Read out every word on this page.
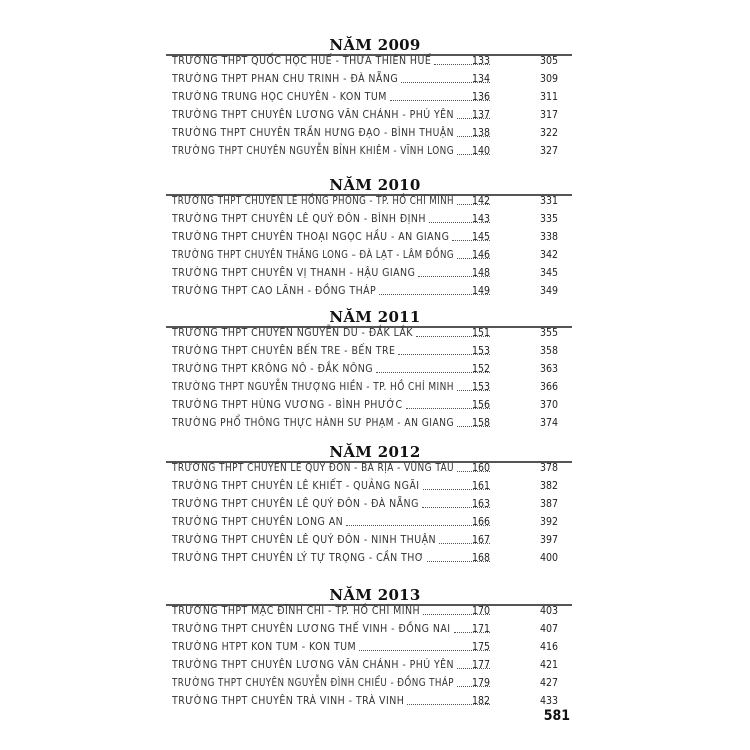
NĂM 2009
TRƯỜNG THPT QUỐC HỌC HUẾ - THỪA THIÊN HUẾ	133	305
TRƯỜNG THPT PHAN CHU TRINH - ĐÀ NẴNG	134	309
TRƯỜNG TRUNG HỌC CHUYÊN - KON TUM	136	311
TRƯỜNG THPT CHUYÊN LƯƠNG VĂN CHÁNH - PHÚ YÊN	137	317
TRƯỜNG THPT CHUYÊN TRẦN HƯNG ĐẠO - BÌNH THUẬN	138	322
TRƯỜNG THPT CHUYÊN NGUYỄN BỈNH KHIÊM - VĨNH LONG	140	327
NĂM 2010
TRƯỜNG THPT CHUYÊN LÊ HỒNG PHONG - TP. HỒ CHÍ MINH	142	331
TRƯỜNG THPT CHUYÊN LÊ QUÝ ĐÔN - BÌNH ĐỊNH	143	335
TRƯỜNG THPT CHUYÊN THOẠI NGỌC HẦU - AN GIANG	145	338
TRƯỜNG THPT CHUYÊN THĂNG LONG – ĐÀ LẠT - LÂM ĐỒNG	146	342
TRƯỜNG THPT CHUYÊN VỊ THANH - HẬU GIANG	148	345
TRƯỜNG THPT CAO LÃNH - ĐỒNG THÁP	149	349
NĂM 2011
TRƯỜNG THPT CHUYÊN NGUYỄN DU - ĐẮK LẮK	151	355
TRƯỜNG THPT CHUYÊN BẾN TRE - BẾN TRE	153	358
TRƯỜNG THPT KRÔNG NÔ - ĐẮK NÔNG	152	363
TRƯỜNG THPT NGUYỄN THƯỢNG HIỀN - TP. HỒ CHÍ MINH	153	366
TRƯỜNG THPT HÙNG VƯƠNG - BÌNH PHƯỚC	156	370
TRƯỜNG PHỔ THÔNG THỰC HÀNH SƯ PHẠM - AN GIANG	158	374
NĂM 2012
TRƯỜNG THPT CHUYÊN LÊ QUÝ ĐÔN - BÀ RỊA - VŨNG TÀU	160	378
TRƯỜNG THPT CHUYÊN LÊ KHIẾT - QUẢNG NGÃI	161	382
TRƯỜNG THPT CHUYÊN LÊ QUÝ ĐÔN - ĐÀ NẴNG	163	387
TRƯỜNG THPT CHUYÊN LONG AN	166	392
TRƯỜNG THPT CHUYÊN LÊ QUÝ ĐÔN - NINH THUẬN	167	397
TRƯỜNG THPT CHUYÊN LÝ TỰ TRỌNG - CẦN THƠ	168	400
NĂM 2013
TRƯỜNG THPT MẠC ĐĨNH CHI - TP. HỒ CHÍ MINH	170	403
TRƯỜNG THPT CHUYÊN LƯƠNG THẾ VINH - ĐỒNG NAI	171	407
TRƯỜNG HTPT KON TUM - KON TUM	175	416
TRƯỜNG THPT CHUYÊN LƯƠNG VĂN CHÁNH - PHÚ YÊN	177	421
TRƯỜNG THPT CHUYÊN NGUYỄN ĐÌNH CHIỂU - ĐỒNG THÁP	179	427
TRƯỜNG THPT CHUYÊN TRÀ VINH - TRÀ VINH	182	433
581
